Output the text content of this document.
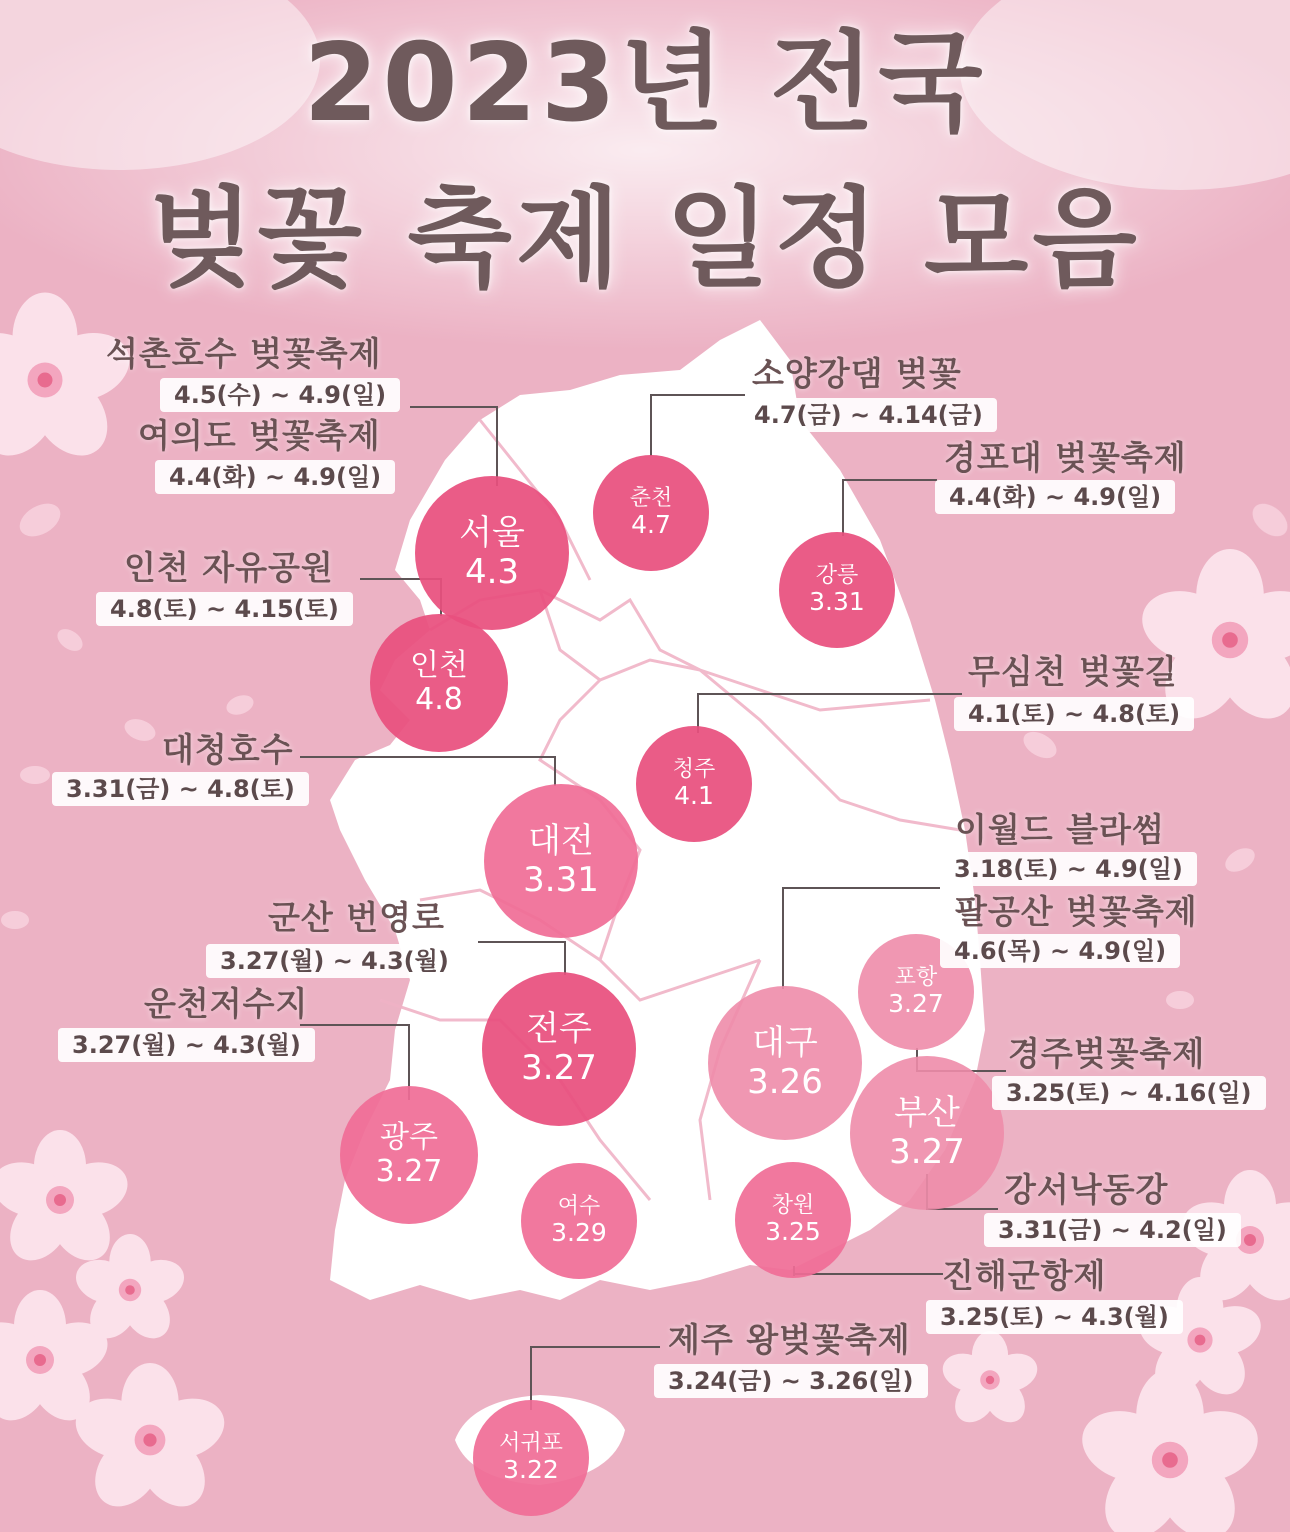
2023년 전국
벚꽃 축제 일정 모음
서울
4.3
춘천
4.7
강릉
3.31
인천
4.8
청주
4.1
대전
3.31
포항
3.27
전주
3.27
대구
3.26
부산
3.27
광주
3.27
여수
3.29
창원
3.25
서귀포
3.22
석촌호수 벚꽃축제
4.5(수) ~ 4.9(일)
여의도 벚꽃축제
4.4(화) ~ 4.9(일)
소양강댐 벚꽃
4.7(금) ~ 4.14(금)
경포대 벚꽃축제
4.4(화) ~ 4.9(일)
인천 자유공원
4.8(토) ~ 4.15(토)
무심천 벚꽃길
4.1(토) ~ 4.8(토)
대청호수
3.31(금) ~ 4.8(토)
이월드 블라썸
3.18(토) ~ 4.9(일)
팔공산 벚꽃축제
4.6(목) ~ 4.9(일)
군산 번영로
3.27(월) ~ 4.3(월)
운천저수지
3.27(월) ~ 4.3(월)	경주벚꽃축제
3.25(토) ~ 4.16(일)
강서낙동강
3.31(금) ~ 4.2(일)
진해군항제
3.25(토) ~ 4.3(월)
제주 왕벚꽃축제
3.24(금) ~ 3.26(일)
